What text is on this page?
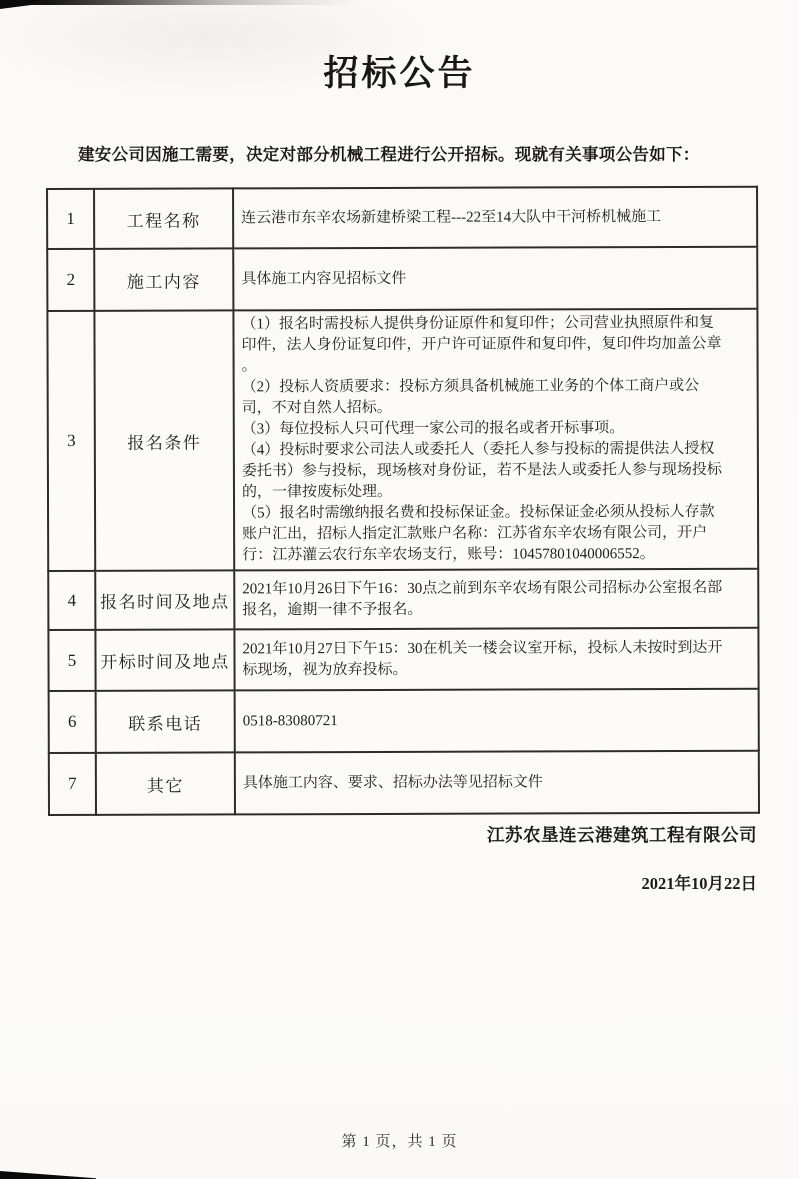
招标公告
建安公司因施工需要，决定对部分机械工程进行公开招标。现就有关事项公告如下：
1	工程名称	连云港市东辛农场新建桥梁工程---22至14大队中干河桥机械施工
2	施工内容	具体施工内容见招标文件
3	报名条件	（1）报名时需投标人提供身份证原件和复印件；公司营业执照原件和复
印件，法人身份证复印件，开户许可证原件和复印件，复印件均加盖公章
。
（2）投标人资质要求：投标方须具备机械施工业务的个体工商户或公
司，不对自然人招标。
（3）每位投标人只可代理一家公司的报名或者开标事项。
（4）投标时要求公司法人或委托人（委托人参与投标的需提供法人授权
委托书）参与投标，现场核对身份证，若不是法人或委托人参与现场投标
的，一律按废标处理。
（5）报名时需缴纳报名费和投标保证金。投标保证金必须从投标人存款
账户汇出，招标人指定汇款账户名称：江苏省东辛农场有限公司，开户
行：江苏灌云农行东辛农场支行，账号：10457801040006552。
4	报名时间及地点	2021年10月26日下午16：30点之前到东辛农场有限公司招标办公室报名部
报名，逾期一律不予报名。
5	开标时间及地点	2021年10月27日下午15：30在机关一楼会议室开标，投标人未按时到达开
标现场，视为放弃投标。
6	联系电话	0518-83080721
7	其它	具体施工内容、要求、招标办法等见招标文件
江苏农垦连云港建筑工程有限公司
2021年10月22日
第 1 页，共 1 页
